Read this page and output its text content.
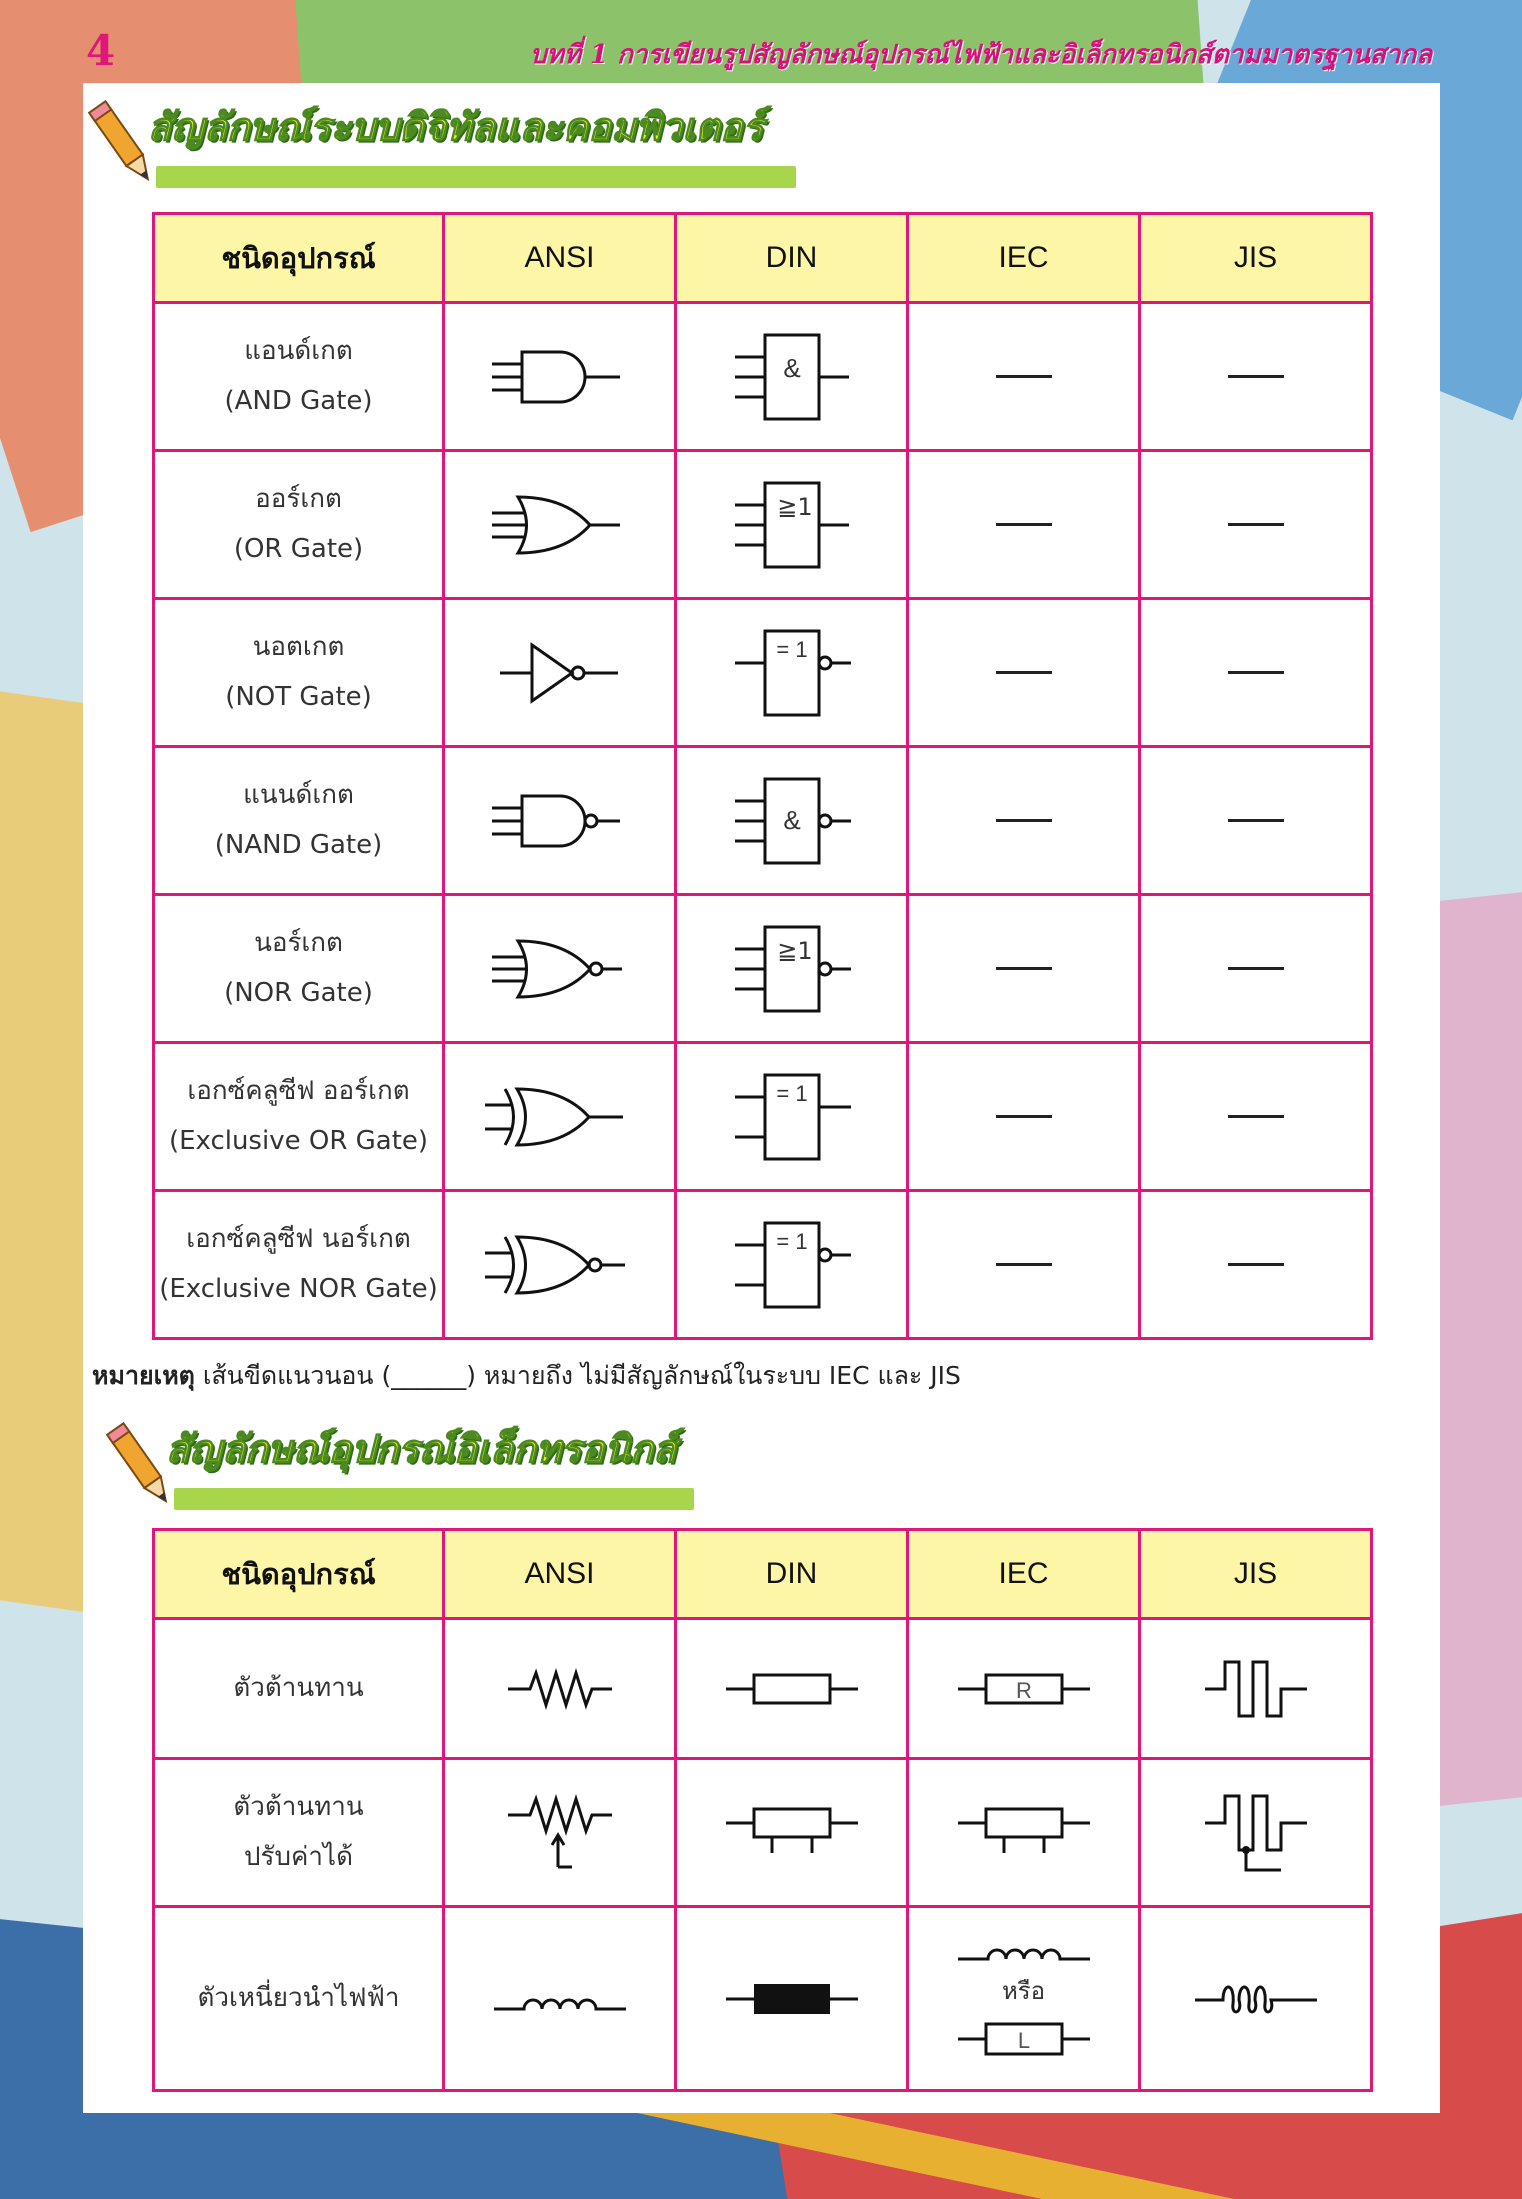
4	บทที่ 1 การเขียนรูปสัญลักษณ์อุปกรณ์ไฟฟ้าและอิเล็กทรอนิกส์ตามมาตรฐานสากล
สัญลักษณ์ระบบดิจิทัลและคอมพิวเตอร์
ชนิดอุปกรณ์	ANSI	DIN	IEC	JIS

แอนด์เกต
(AND Gate)		&		

ออร์เกต
(OR Gate)		≧1		

นอตเกต
(NOT Gate)		= 1		

แนนด์เกต
(NAND Gate)		&		

นอร์เกต
(NOR Gate)		≧1		

เอกซ์คลูซีฟ ออร์เกต
(Exclusive OR Gate)		= 1		

เอกซ์คลูซีฟ นอร์เกต
(Exclusive NOR Gate)		= 1		

หมายเหตุ เส้นขีดแนวนอน (______) หมายถึง ไม่มีสัญลักษณ์ในระบบ IEC และ JIS
สัญลักษณ์อุปกรณ์อิเล็กทรอนิกส์
ชนิดอุปกรณ์	ANSI	DIN	IEC	JIS

ตัวต้านทาน			R

ตัวต้านทาน
ปรับค่าได้

ตัวเหนี่ยวนำไฟฟ้า			หรือ
L
